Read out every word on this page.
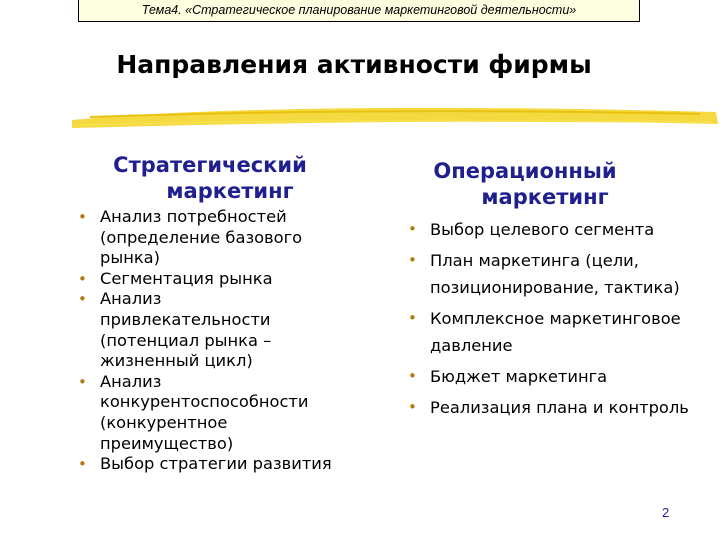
Тема4. «Стратегическое планирование маркетинговой деятельности»
Направления активности фирмы
Стратегический
маркетинг
Операционный
маркетинг
• Анализ потребностей (определение базового рынка)
• Сегментация рынка
• Анализ привлекательности (потенциал рынка – жизненный цикл)
• Анализ конкурентоспособности (конкурентное преимущество)
• Выбор стратегии развития
• Выбор целевого сегмента
• План маркетинга (цели, позиционирование, тактика)
• Комплексное маркетинговое давление
• Бюджет маркетинга
• Реализация плана и контроль
2
